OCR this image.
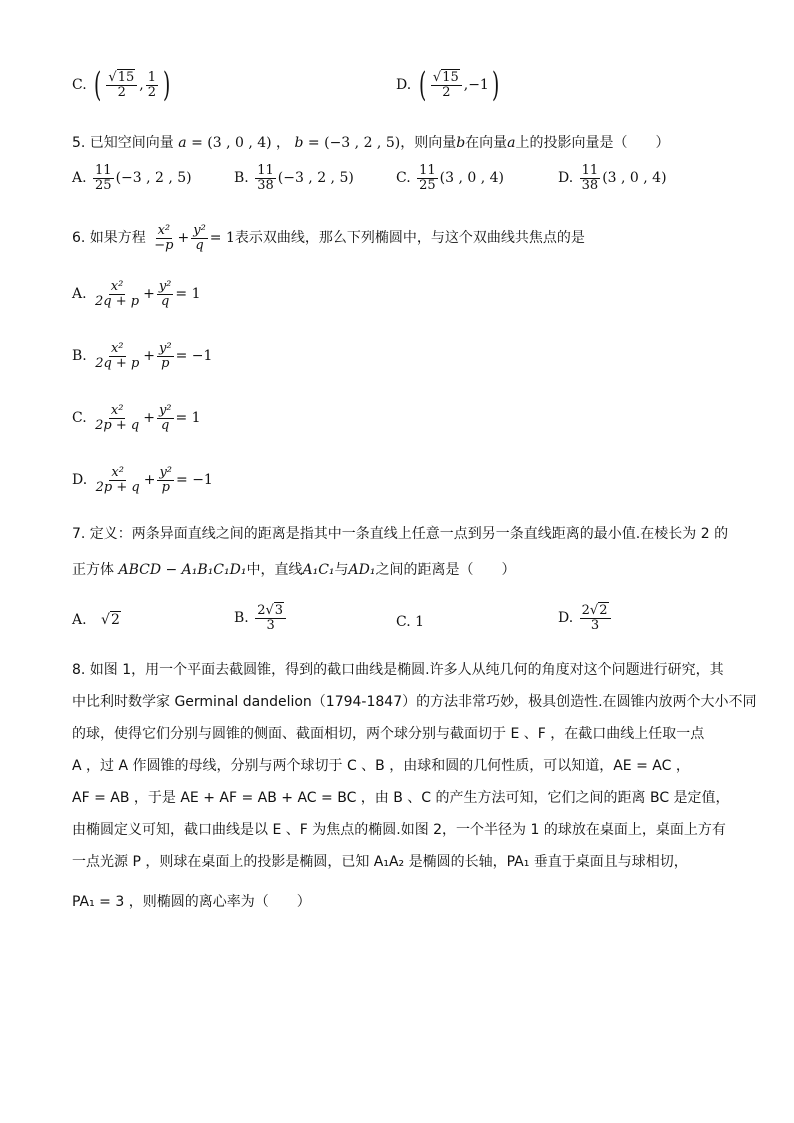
C. ( $\frac{√15}{2}$ , $\frac{1}{2}$ )	D. ( $\frac{√15}{2} ,-1$)
5. 已知空间向量 a = (3 , 0 , 4) ， b = (−3 , 2 , 5)，则向量b在向量a上的投影向量是（　　）
A. $\frac{11}{25} (-3$ , 2 , 5)	B. $\frac{11}{38} (-3$ , 2 , 5)	C. $\frac{11}{25} (3$ , 0 , 4)	D. $\frac{11}{38} (3$ , 0 , 4)
6. 如果方程 $\frac{\text{x²}}{-p} + \frac{\text{y²}}{q} = 1$表示双曲线，那么下列椭圆中，与这个双曲线共焦点的是
A. $\frac{\text{x²}}{2q + p} + \frac{\text{y²}}{q} = 1$
B. $\frac{\text{x²}}{2q + p} + \frac{\text{y²}}{p} = -1$
C. $\frac{\text{x²}}{2p + q} + \frac{\text{y²}}{q} = 1$
D. $\frac{\text{x²}}{2p + q} + \frac{\text{y²}}{p} = -1$
7. 定义：两条异面直线之间的距离是指其中一条直线上任意一点到另一条直线距离的最小值.在棱长为 2 的
正方体 ABCD − A₁B₁C₁D₁中，直线A₁C₁与AD₁之间的距离是（　　）
A. √2	B. $\frac{2√3}{3}$	C. 1	D. $\frac{2√2}{3}$
8. 如图 1，用一个平面去截圆锥，得到的截口曲线是椭圆.许多人从纯几何的角度对这个问题进行研究，其
中比利时数学家 Germinal dandelion（1794-1847）的方法非常巧妙，极具创造性.在圆锥内放两个大小不同
的球，使得它们分别与圆锥的侧面、截面相切，两个球分别与截面切于 E 、F ，在截口曲线上任取一点
A ，过 A 作圆锥的母线，分别与两个球切于 C 、B ，由球和圆的几何性质，可以知道，AE = AC ，
AF = AB ，于是 AE + AF = AB + AC = BC ，由 B 、C 的产生方法可知，它们之间的距离 BC 是定值，
由椭圆定义可知，截口曲线是以 E 、F 为焦点的椭圆.如图 2，一个半径为 1 的球放在桌面上，桌面上方有
一点光源 P ，则球在桌面上的投影是椭圆，已知 A₁A₂ 是椭圆的长轴，PA₁ 垂直于桌面且与球相切，
PA₁ = 3 ，则椭圆的离心率为（　　）
